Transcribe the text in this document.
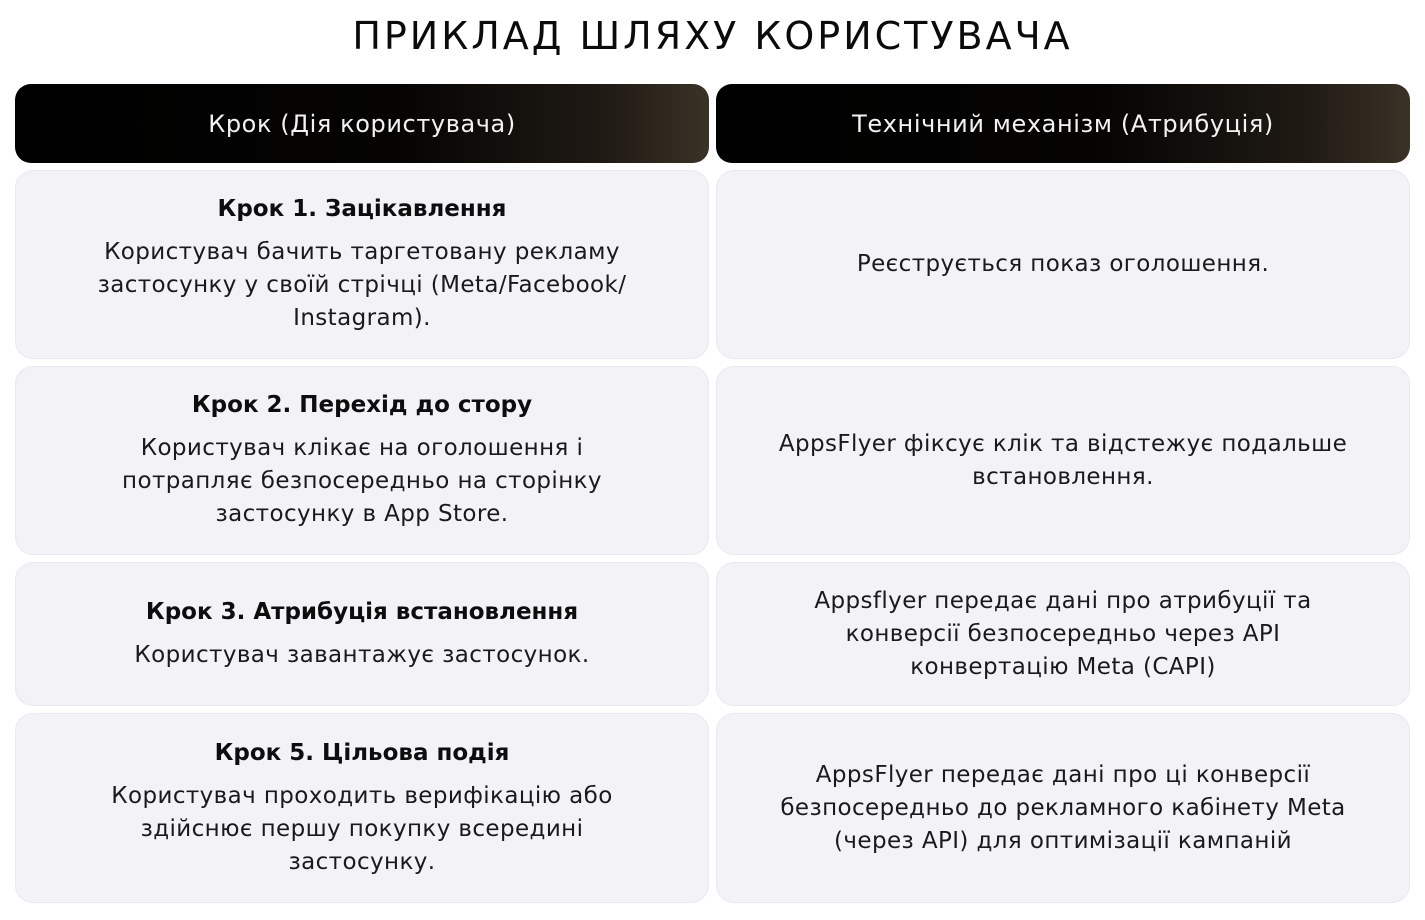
ПРИКЛАД ШЛЯХУ КОРИСТУВАЧА
Крок (Дія користувача)	Технічний механізм (Атрибуція)

Крок 1. Зацікавлення

Користувач бачить таргетовану рекламу застосунку у своїй стрічці (Meta/Facebook/ Instagram).

Реєструється показ оголошення.

Крок 2. Перехід до стору

Користувач клікає на оголошення і потрапляє безпосередньо на сторінку застосунку в App Store.

AppsFlyer фіксує клік та відстежує подальше встановлення.

Крок 3. Атрибуція встановлення

Користувач завантажує застосунок.

Appsflyer передає дані про атрибуції та конверсії безпосередньо через API конвертацію Meta (CAPI)

Крок 5. Цільова подія

Користувач проходить верифікацію або здійснює першу покупку всередині застосунку.

AppsFlyer передає дані про ці конверсії безпосередньо до рекламного кабінету Meta (через API) для оптимізації кампаній
